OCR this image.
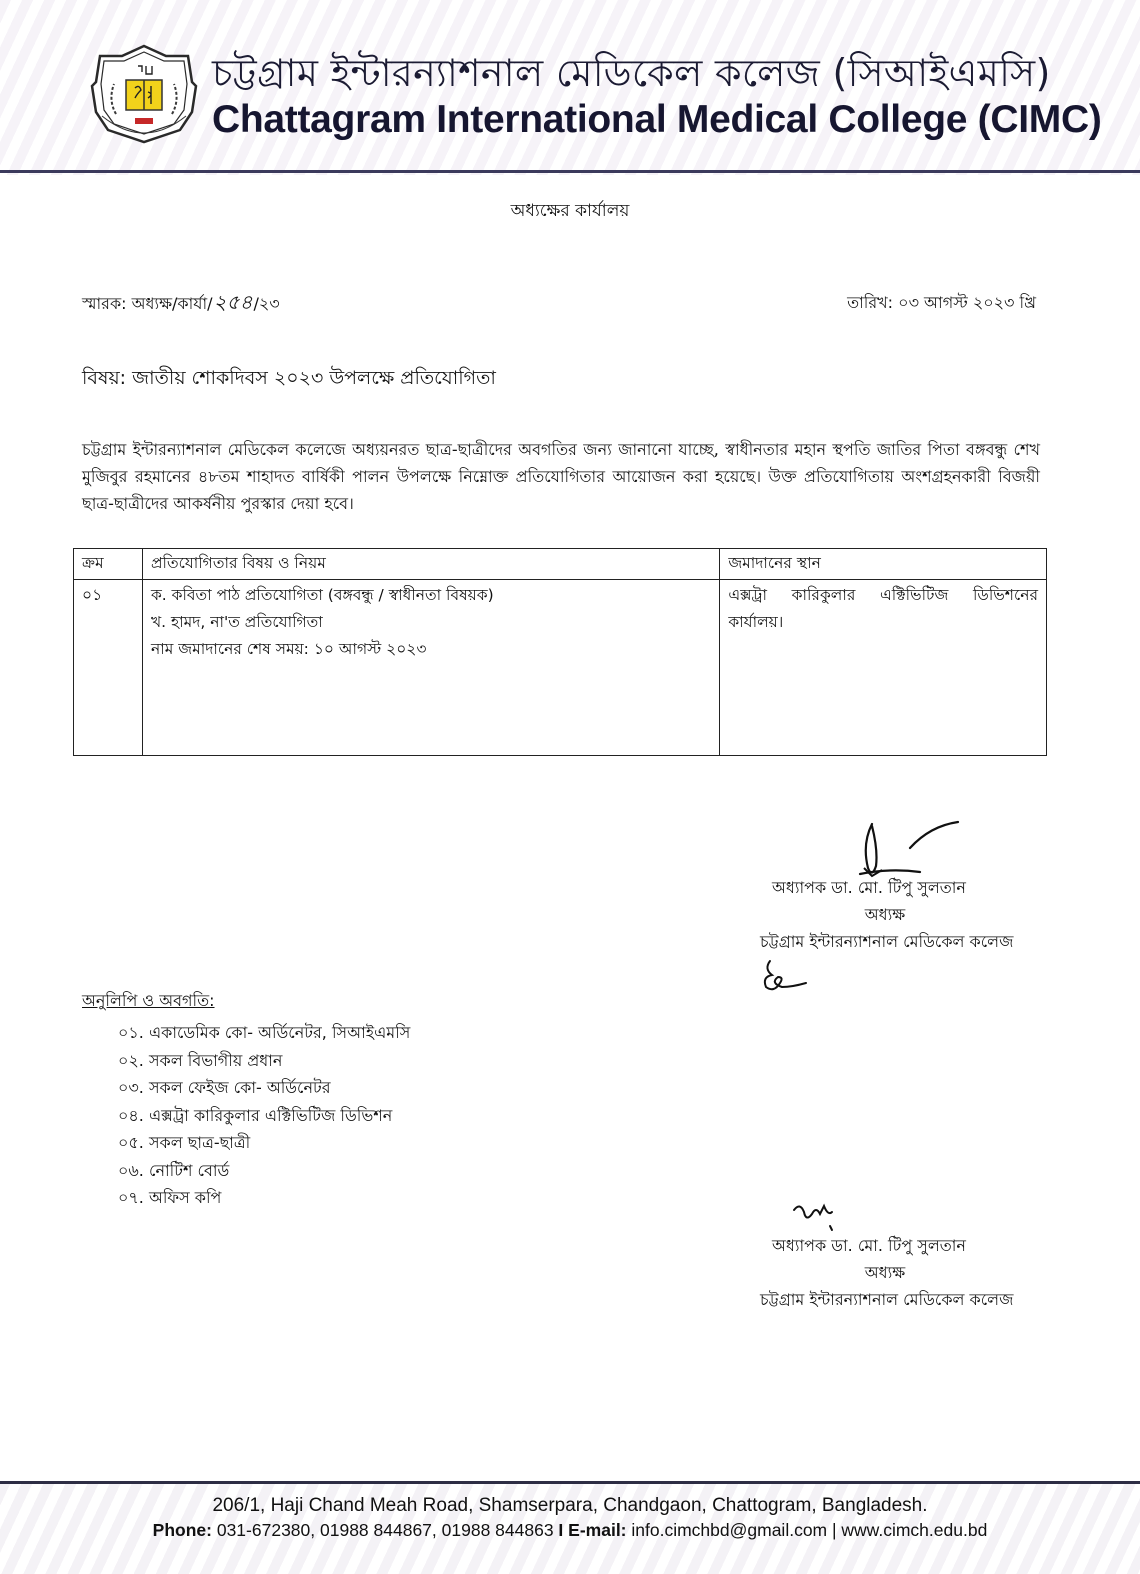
চট্টগ্রাম ইন্টারন্যাশনাল মেডিকেল কলেজ (সিআইএমসি)
Chattagram International Medical College (CIMC)
অধ্যক্ষের কার্যালয়
স্মারক: অধ্যক্ষ/কার্যা/ ২৫৪ /২৩	তারিখ: ০৩ আগস্ট ২০২৩ খ্রি
বিষয়: জাতীয় শোকদিবস ২০২৩ উপলক্ষে প্রতিযোগিতা

চট্টগ্রাম ইন্টারন্যাশনাল মেডিকেল কলেজে অধ্যয়নরত ছাত্র-ছাত্রীদের অবগতির জন্য জানানো যাচ্ছে, স্বাধীনতার মহান স্থপতি জাতির পিতা বঙ্গবন্ধু শেখ মুজিবুর রহমানের ৪৮তম শাহাদত বার্ষিকী পালন উপলক্ষে নিম্নোক্ত প্রতিযোগিতার আয়োজন করা হয়েছে। উক্ত প্রতিযোগিতায় অংশগ্রহনকারী বিজয়ী ছাত্র-ছাত্রীদের আকর্ষনীয় পুরস্কার দেয়া হবে।

ক্রম	প্রতিযোগিতার বিষয় ও নিয়ম	জমাদানের স্থান
০১	ক. কবিতা পাঠ প্রতিযোগিতা (বঙ্গবন্ধু / স্বাধীনতা বিষয়ক)
খ. হামদ, না'ত প্রতিযোগিতা
নাম জমাদানের শেষ সময়: ১০ আগস্ট ২০২৩	এক্সট্রা কারিকুলার এক্টিভিটিজ ডিভিশনের কার্যালয়।
অধ্যাপক ডা. মো. টিপু সুলতান
অধ্যক্ষ
চট্টগ্রাম ইন্টারন্যাশনাল মেডিকেল কলেজ
অনুলিপি ও অবগতি:
০১. একাডেমিক কো- অর্ডিনেটর, সিআইএমসি
০২. সকল বিভাগীয় প্রধান
০৩. সকল ফেইজ কো- অর্ডিনেটর
০৪. এক্সট্রা কারিকুলার এক্টিভিটিজ ডিভিশন
০৫. সকল ছাত্র-ছাত্রী
০৬. নোটিশ বোর্ড
০৭. অফিস কপি
অধ্যাপক ডা. মো. টিপু সুলতান
অধ্যক্ষ
চট্টগ্রাম ইন্টারন্যাশনাল মেডিকেল কলেজ
206/1, Haji Chand Meah Road, Shamserpara, Chandgaon, Chattogram, Bangladesh.
Phone: 031-672380, 01988 844867, 01988 844863 I E-mail: info.cimchbd@gmail.com | www.cimch.edu.bd
